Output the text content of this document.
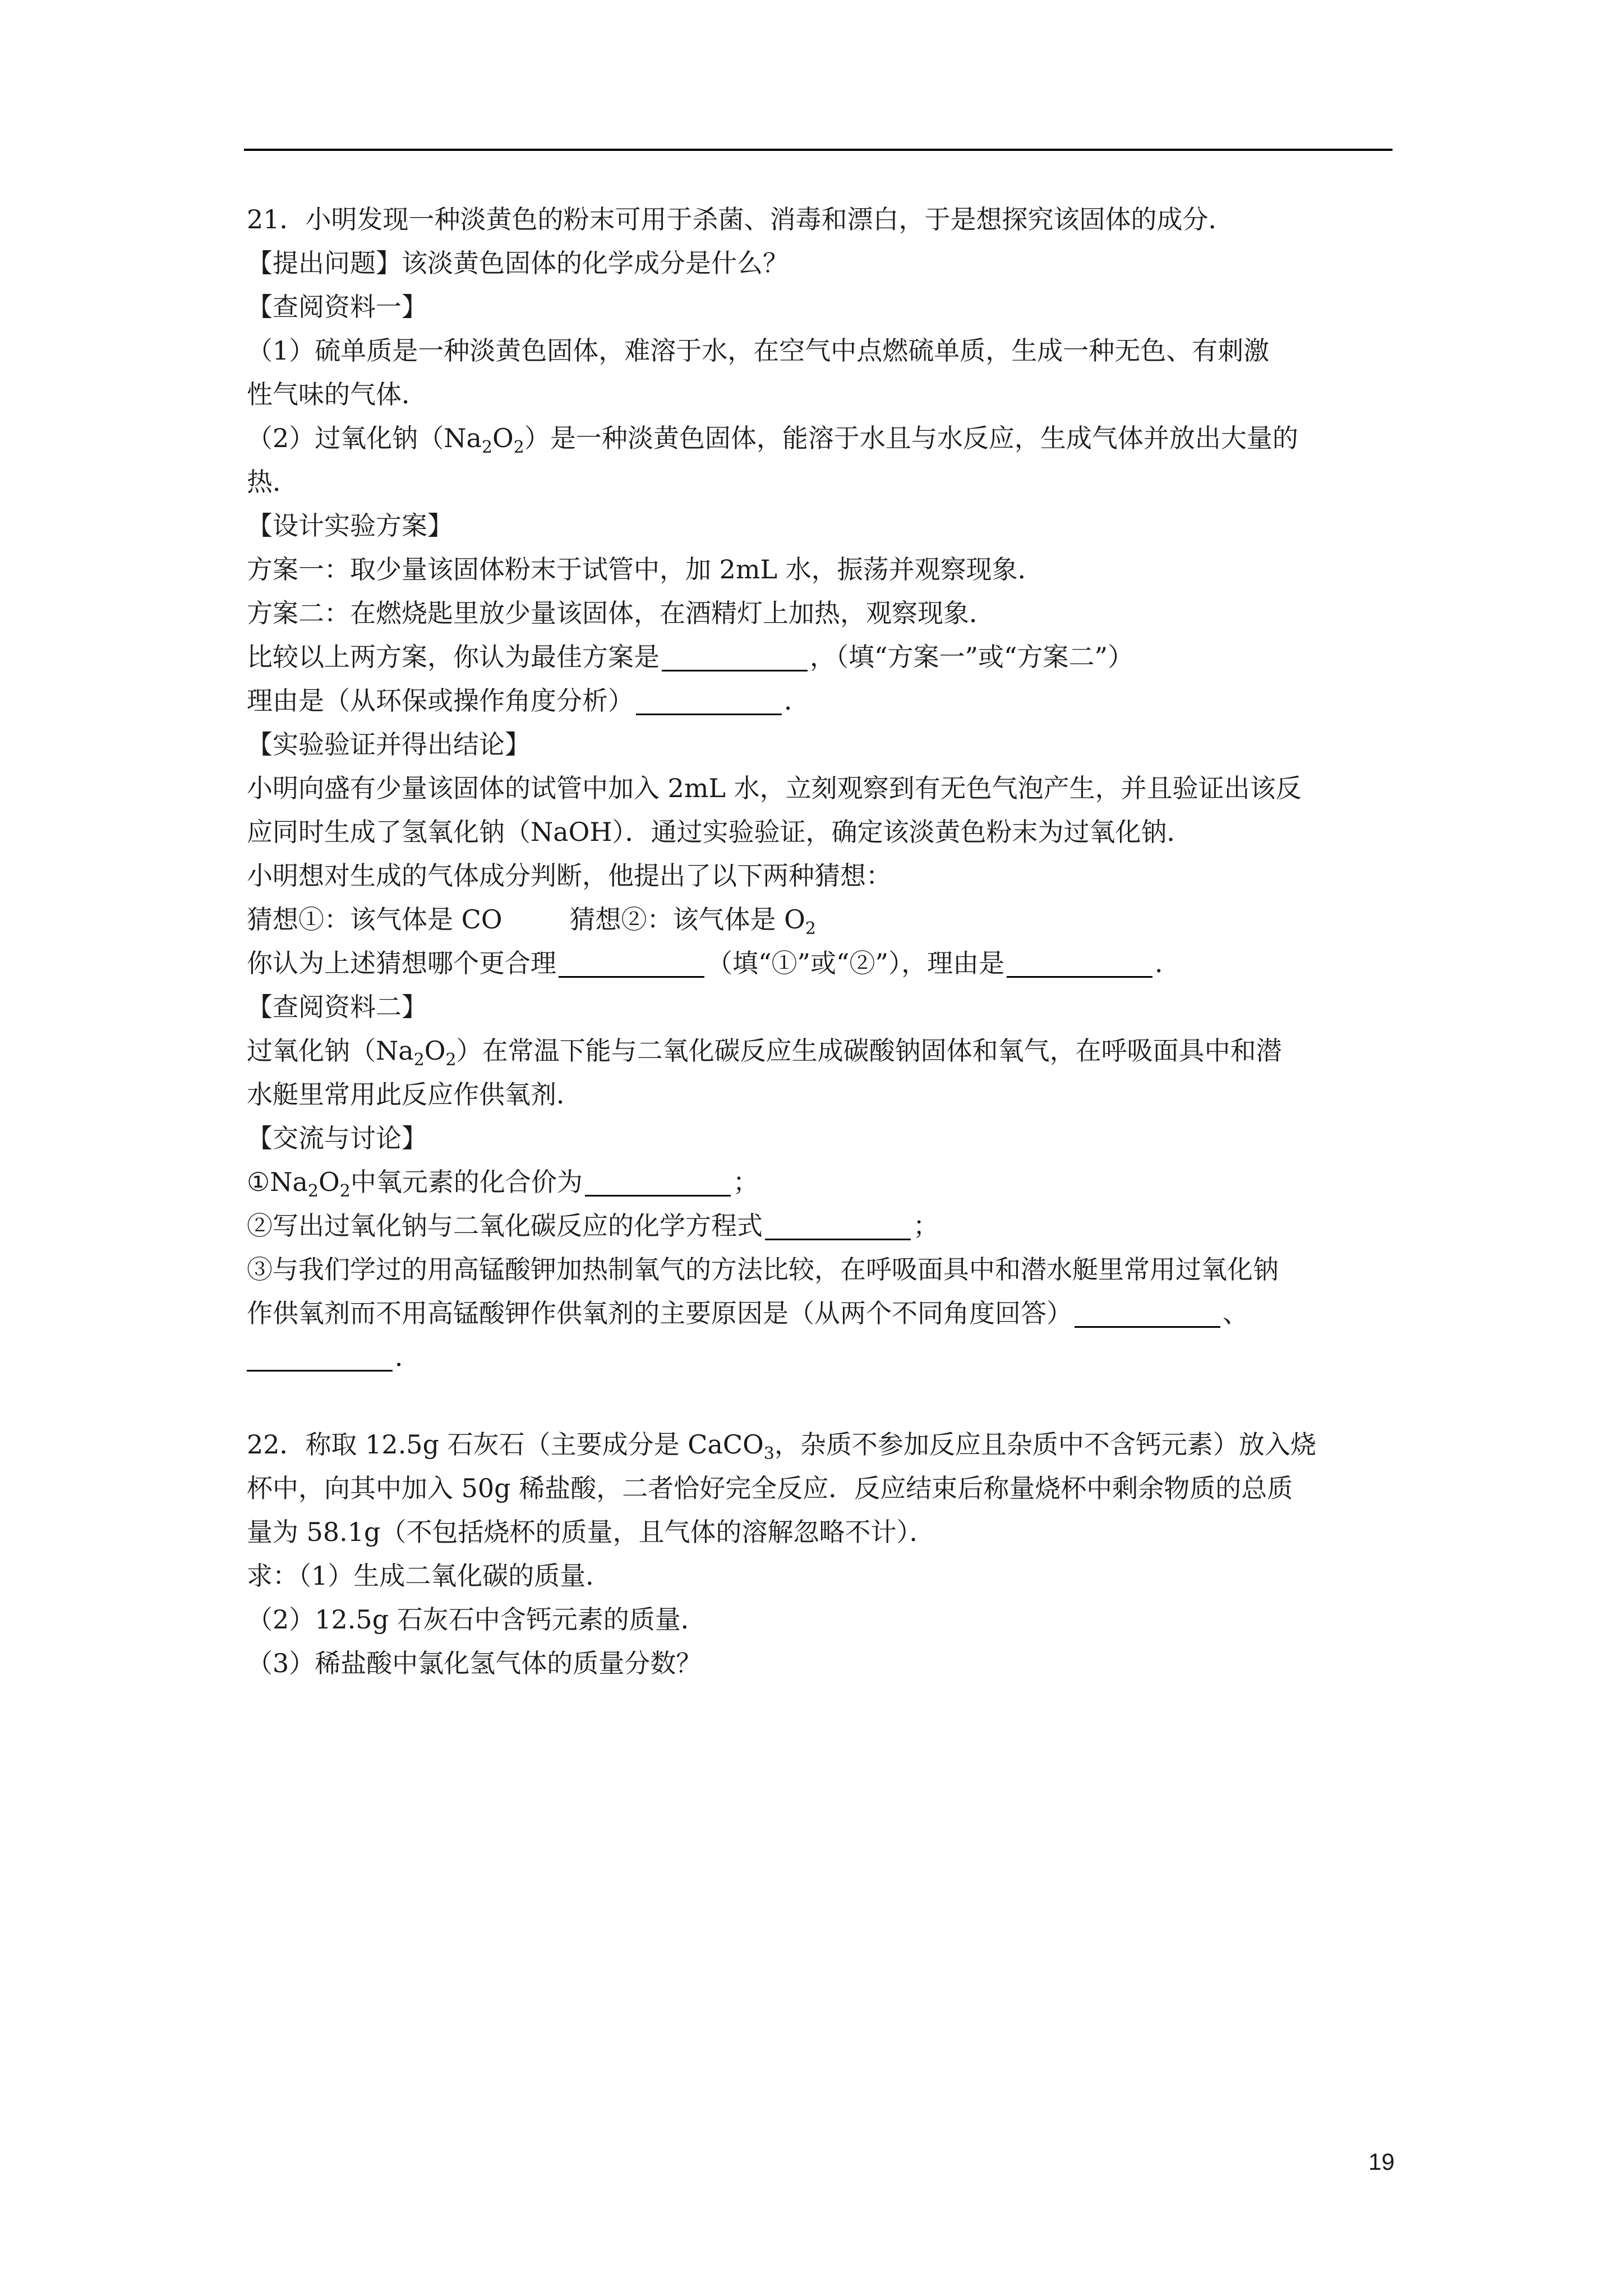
21．小明发现一种淡黄色的粉末可用于杀菌、消毒和漂白，于是想探究该固体的成分．
【提出问题】该淡黄色固体的化学成分是什么？
【查阅资料一】
（1）硫单质是一种淡黄色固体，难溶于水，在空气中点燃硫单质，生成一种无色、有刺激
性气味的气体．
（2）过氧化钠$(Na_2O_2)$是一种淡黄色固体，能溶于水且与水反应，生成气体并放出大量的
热．
【设计实验方案】
方案一：取少量该固体粉末于试管中，加 2mL 水，振荡并观察现象．
方案二：在燃烧匙里放少量该固体，在酒精灯上加热，观察现象．
比较以上两方案，你认为最佳方案是	，（填“方案一”或“方案二”）
理由是（从环保或操作角度分析）	．
【实验验证并得出结论】
小明向盛有少量该固体的试管中加入 2mL 水，立刻观察到有无色气泡产生，并且验证出该反
应同时生成了氢氧化钠（NaOH）．通过实验验证，确定该淡黄色粉末为过氧化钠．
小明想对生成的气体成分判断，他提出了以下两种猜想：
猜想①：该气体是 CO	猜想②：该气体是 $O_2$
你认为上述猜想哪个更合理	（填“①”或“②”），理由是	．
【查阅资料二】
过氧化钠$(Na_2O_2)$在常温下能与二氧化碳反应生成碳酸钠固体和氧气，在呼吸面具中和潜
水艇里常用此反应作供氧剂．
【交流与讨论】
$①Na_2O_2$中氧元素的化合价为	；
②写出过氧化钠与二氧化碳反应的化学方程式	；
③与我们学过的用高锰酸钾加热制氧气的方法比较，在呼吸面具中和潜水艇里常用过氧化钠
作供氧剂而不用高锰酸钾作供氧剂的主要原因是（从两个不同角度回答）	、
．
22．称取 12.5g 石灰石（主要成分是 CaCO$_3$，杂质不参加反应且杂质中不含钙元素）放入烧
杯中，向其中加入 50g 稀盐酸，二者恰好完全反应．反应结束后称量烧杯中剩余物质的总质
量为 58.1g（不包括烧杯的质量，且气体的溶解忽略不计）．
求：（1）生成二氧化碳的质量．
（2）12.5g 石灰石中含钙元素的质量．
（3）稀盐酸中氯化氢气体的质量分数？
19
